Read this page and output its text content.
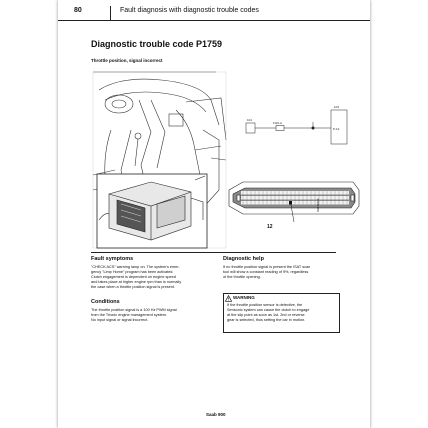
80	Fault diagnosis with diagnostic trouble codes
Diagnostic trouble code P1759
Throttle position, signal incorrect
101
103
F3/2-A
P-12
12
S9411826
Fault symptoms
"CHECK ACS" warning lamp on. The system's emer-
gency "Limp Home" program has been activated.
Clutch engagement is dependent on engine speed
and takes place at higher engine rpm than is normally
the case when a throttle position signal is present.
Conditions
The throttle position signal is a 100 Hz PWM signal
from the Trionic engine management system.
No input signal or signal incorrect.
Diagnostic help
If no throttle position signal is present the ISAT scan
tool will show a constant reading of 9%, regardless
of the throttle opening.
WARNING
If the throttle position sensor is defective, the
Sensonic system can cause the clutch to engage
at the slip point as soon as 1st, 2nd or reverse
gear is selected, thus setting the car in motion.
Saab 900
